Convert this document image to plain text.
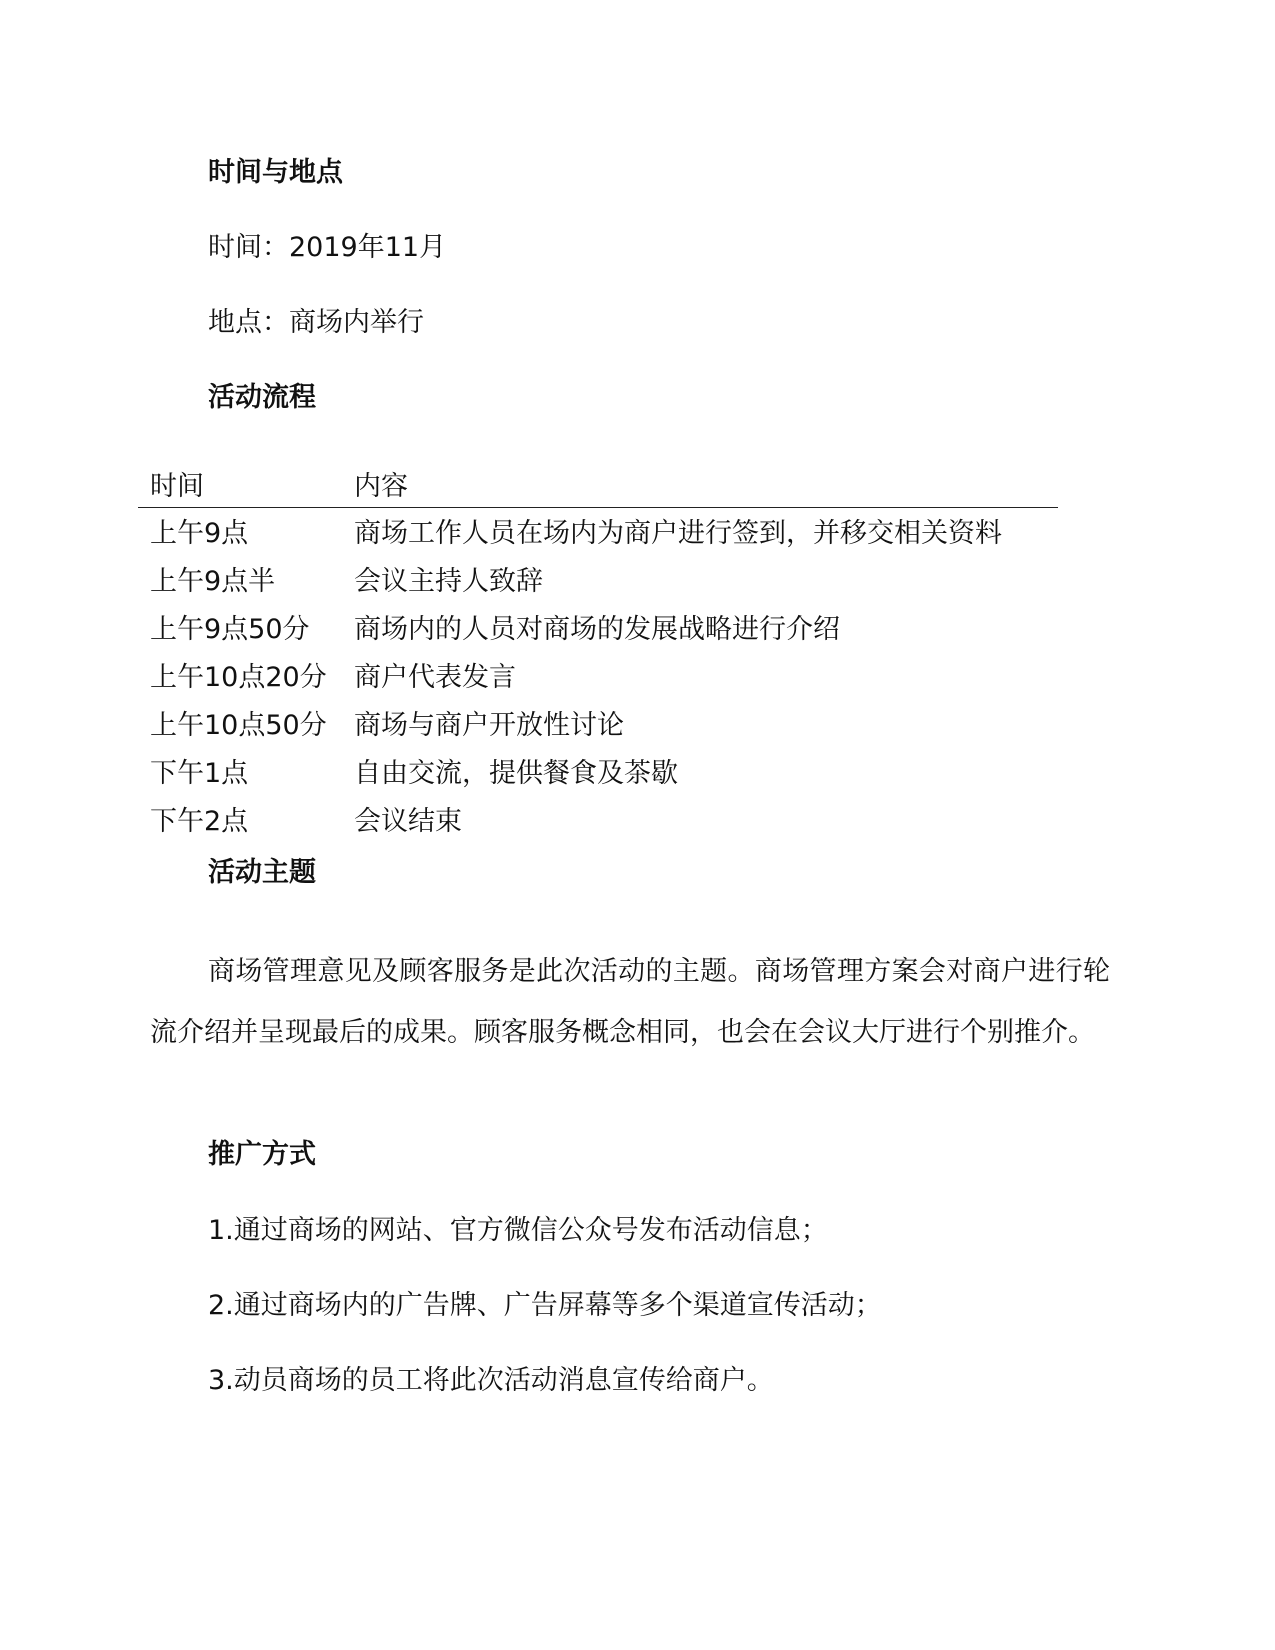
时间与地点
时间：2019年11月
地点：商场内举行
活动流程
时间	内容
上午9点	商场工作人员在场内为商户进行签到，并移交相关资料
上午9点半	会议主持人致辞
上午9点50分 商场内的人员对商场的发展战略进行介绍
上午10点20分 商户代表发言
上午10点50分 商场与商户开放性讨论
下午1点	自由交流，提供餐食及茶歇
下午2点	会议结束
活动主题
商场管理意见及顾客服务是此次活动的主题。商场管理方案会对商户进行轮流介绍并呈现最后的成果。顾客服务概念相同，也会在会议大厅进行个别推介。
推广方式
1.通过商场的网站、官方微信公众号发布活动信息；
2.通过商场内的广告牌、广告屏幕等多个渠道宣传活动；
3.动员商场的员工将此次活动消息宣传给商户。
